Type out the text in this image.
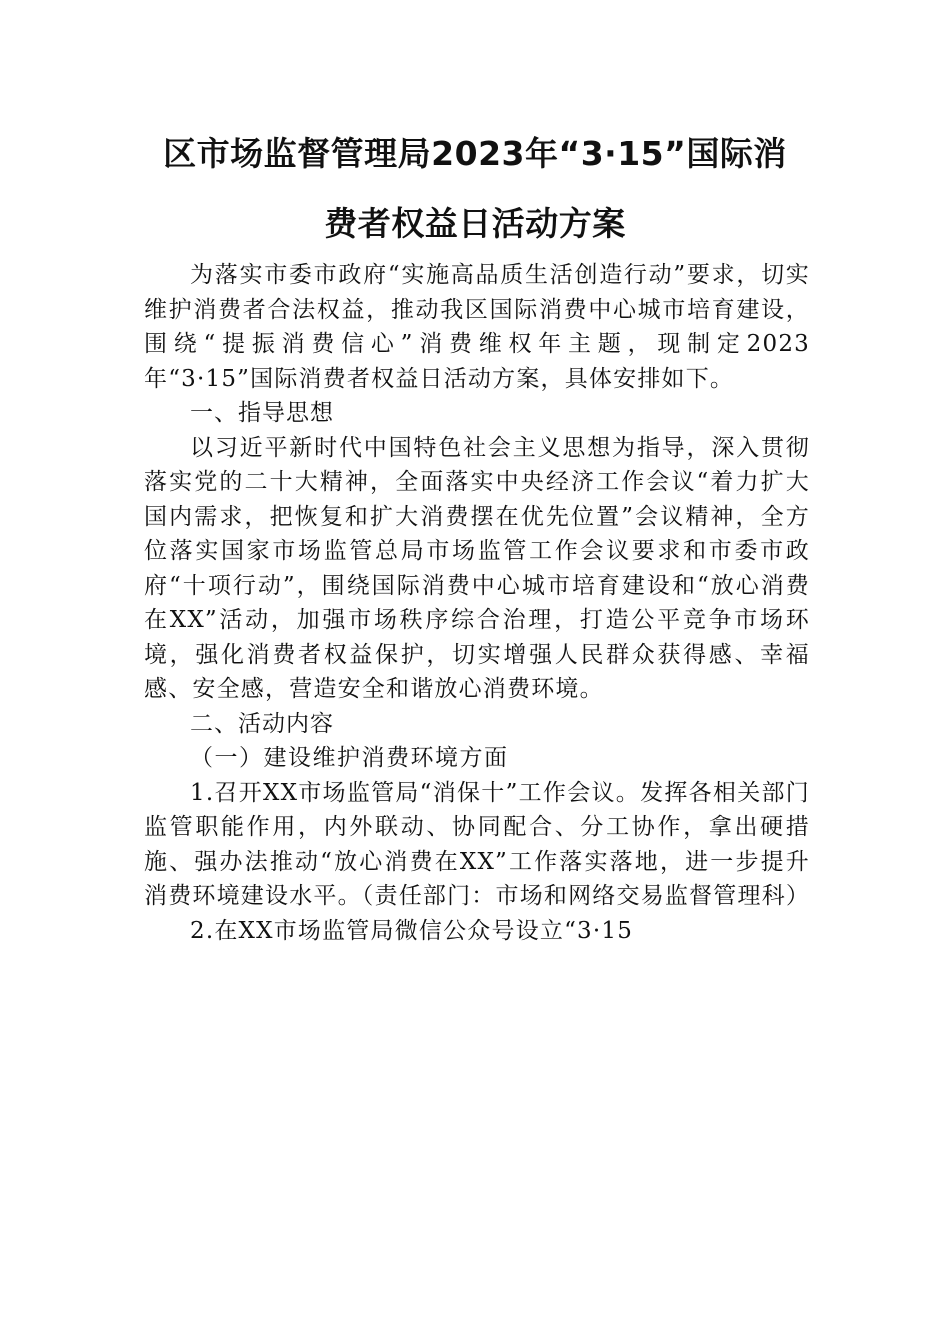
区市场监督管理局2023年“3·15”国际消
费者权益日活动方案

为落实市委市政府“实施高品质生活创造行动”要求，切实维护消费者合法权益，推动我区国际消费中心城市培育建设，围绕“提振消费信心”消费维权年主题，现制定2023年“3·15”国际消费者权益日活动方案，具体安排如下。

一、指导思想

以习近平新时代中国特色社会主义思想为指导，深入贯彻落实党的二十大精神，全面落实中央经济工作会议“着力扩大国内需求，把恢复和扩大消费摆在优先位置”会议精神，全方位落实国家市场监管总局市场监管工作会议要求和市委市政府“十项行动”，围绕国际消费中心城市培育建设和“放心消费在XX”活动，加强市场秩序综合治理，打造公平竞争市场环境，强化消费者权益保护，切实增强人民群众获得感、幸福感、安全感，营造安全和谐放心消费环境。

二、活动内容

（一）建设维护消费环境方面

1.召开XX市场监管局“消保十”工作会议。发挥各相关部门监管职能作用，内外联动、协同配合、分工协作，拿出硬措施、强办法推动“放心消费在XX”工作落实落地，进一步提升消费环境建设水平。（责任部门：市场和网络交易监督管理科）

2.在XX市场监管局微信公众号设立“3·15
